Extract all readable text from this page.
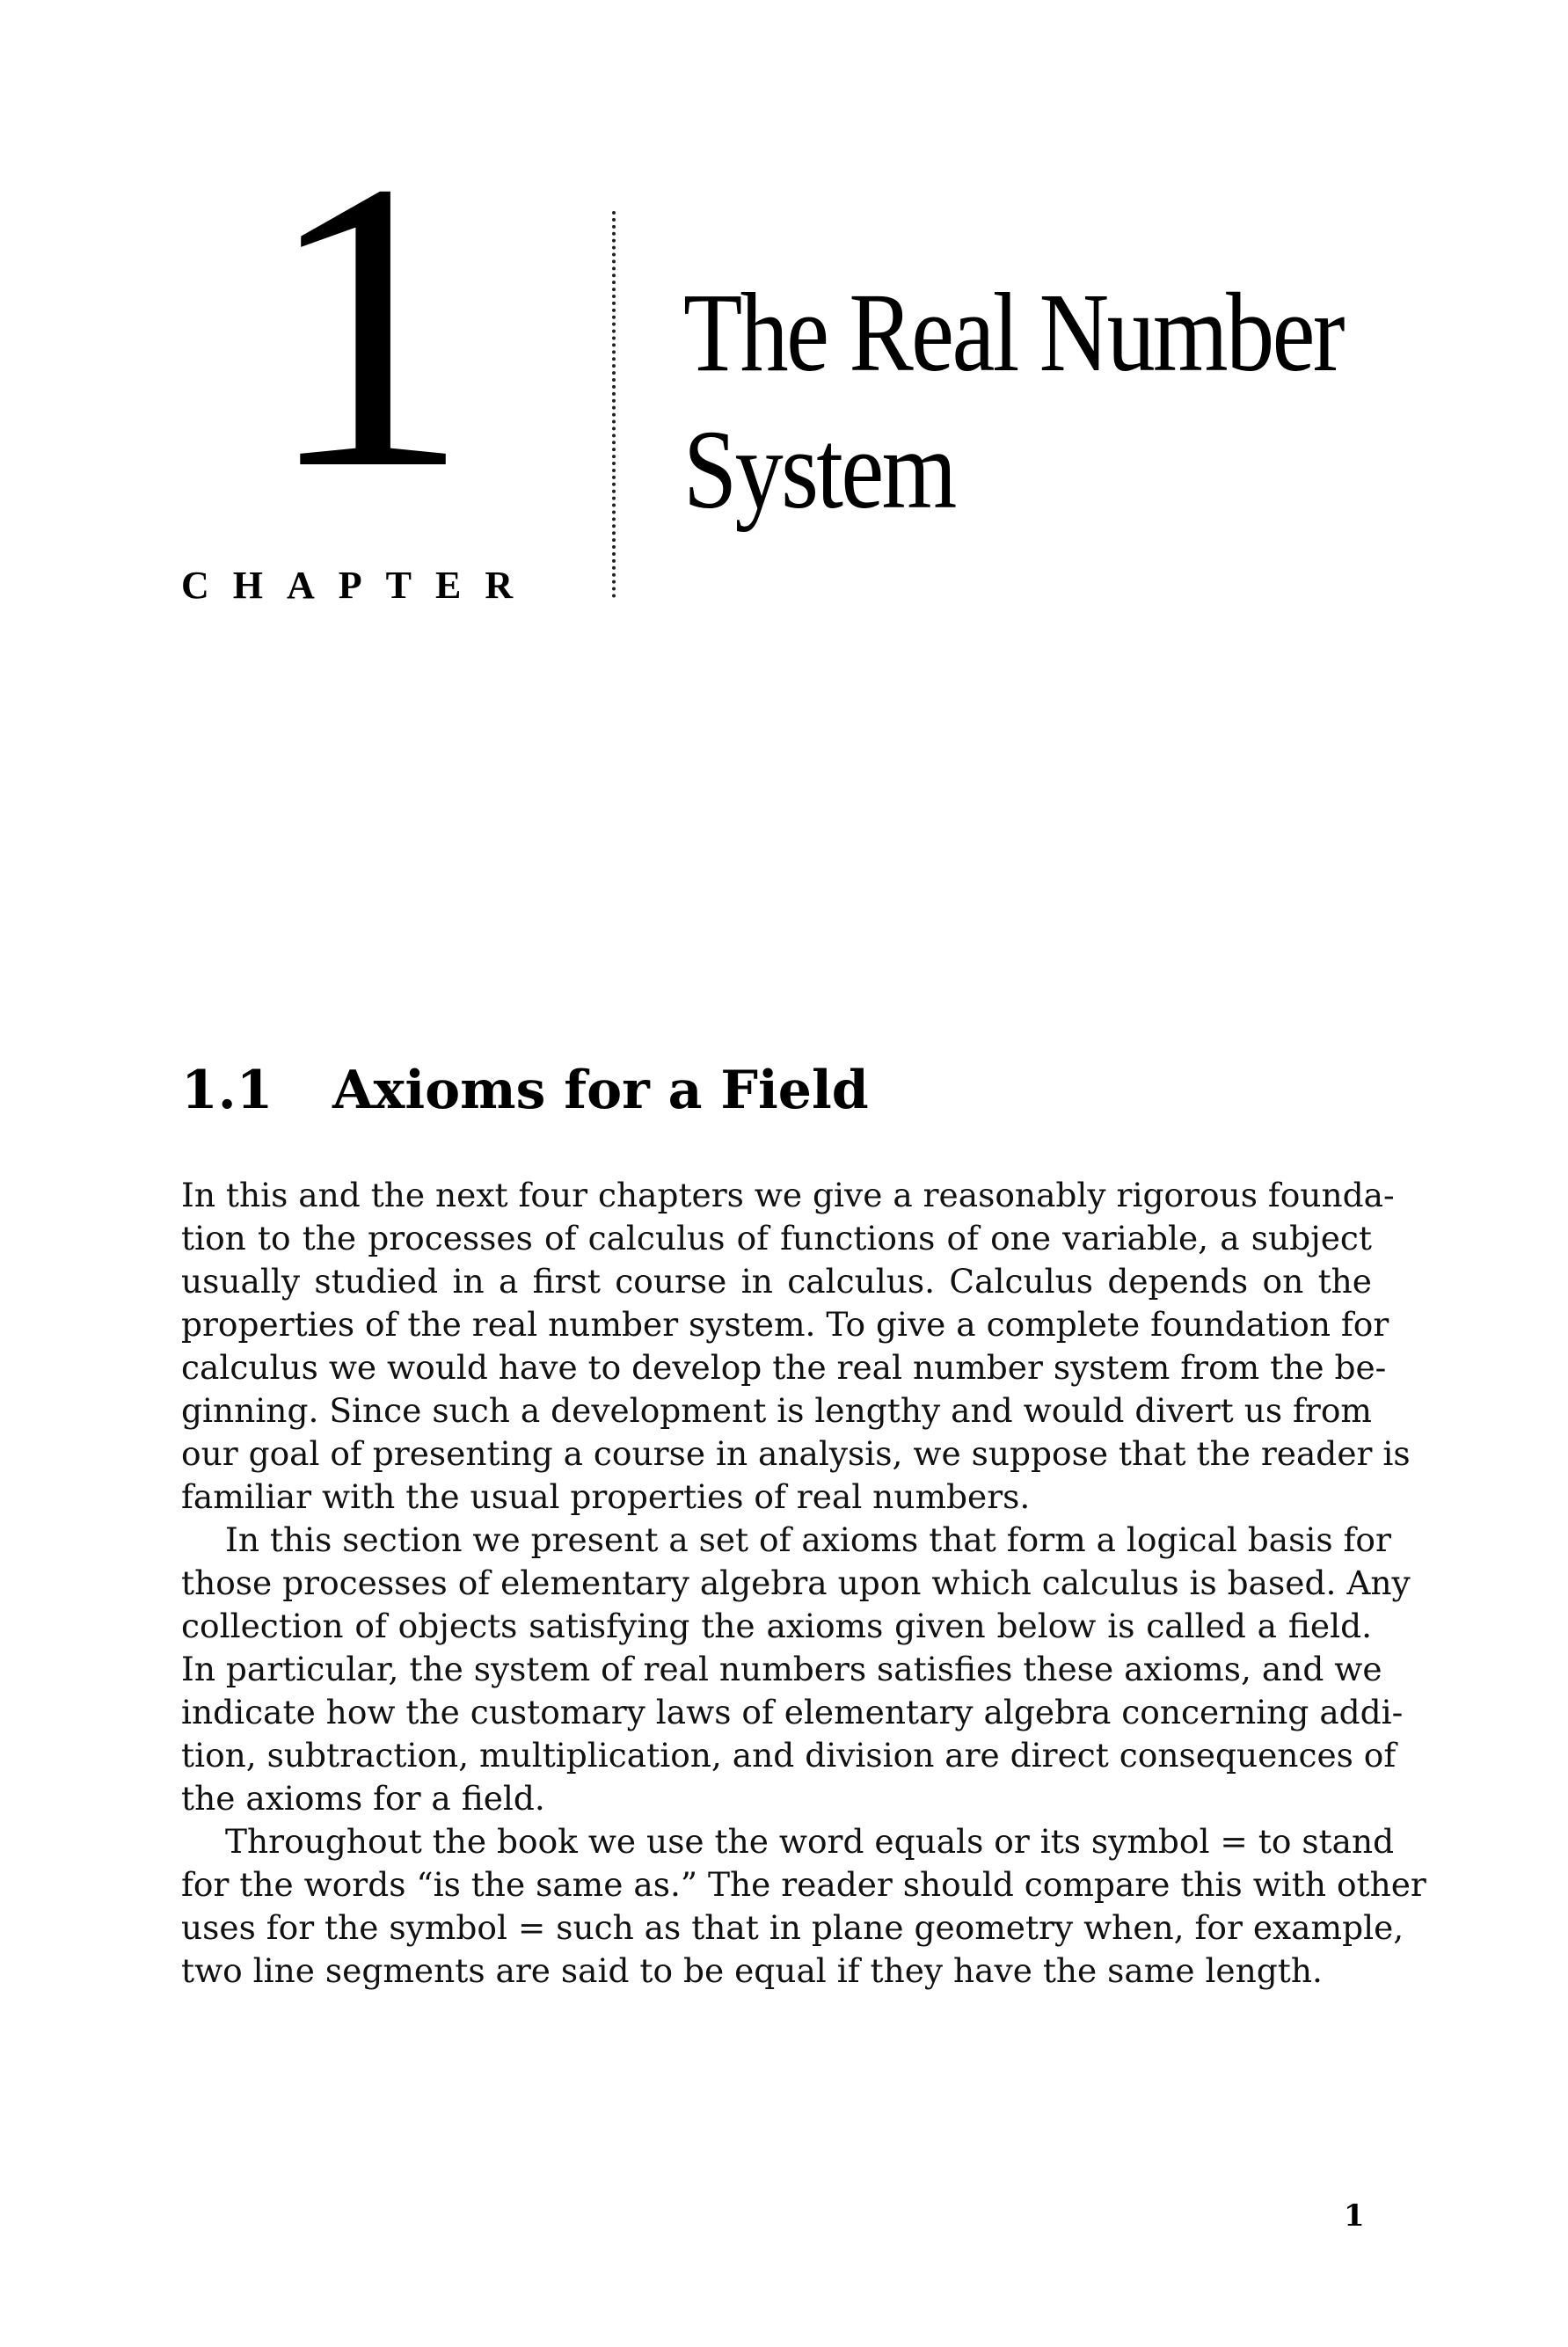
1
CHAPTER
The Real Number
System
1.1 Axioms for a Field
In this and the next four chapters we give a reasonably rigorous founda-
tion to the processes of calculus of functions of one variable, a subject
usually studied in a first course in calculus. Calculus depends on the
properties of the real number system. To give a complete foundation for
calculus we would have to develop the real number system from the be-
ginning. Since such a development is lengthy and would divert us from
our goal of presenting a course in analysis, we suppose that the reader is
familiar with the usual properties of real numbers.
In this section we present a set of axioms that form a logical basis for
those processes of elementary algebra upon which calculus is based. Any
collection of objects satisfying the axioms given below is called a field.
In particular, the system of real numbers satisfies these axioms, and we
indicate how the customary laws of elementary algebra concerning addi-
tion, subtraction, multiplication, and division are direct consequences of
the axioms for a field.
Throughout the book we use the word equals or its symbol = to stand
for the words “is the same as.” The reader should compare this with other
uses for the symbol = such as that in plane geometry when, for example,
two line segments are said to be equal if they have the same length.
1
